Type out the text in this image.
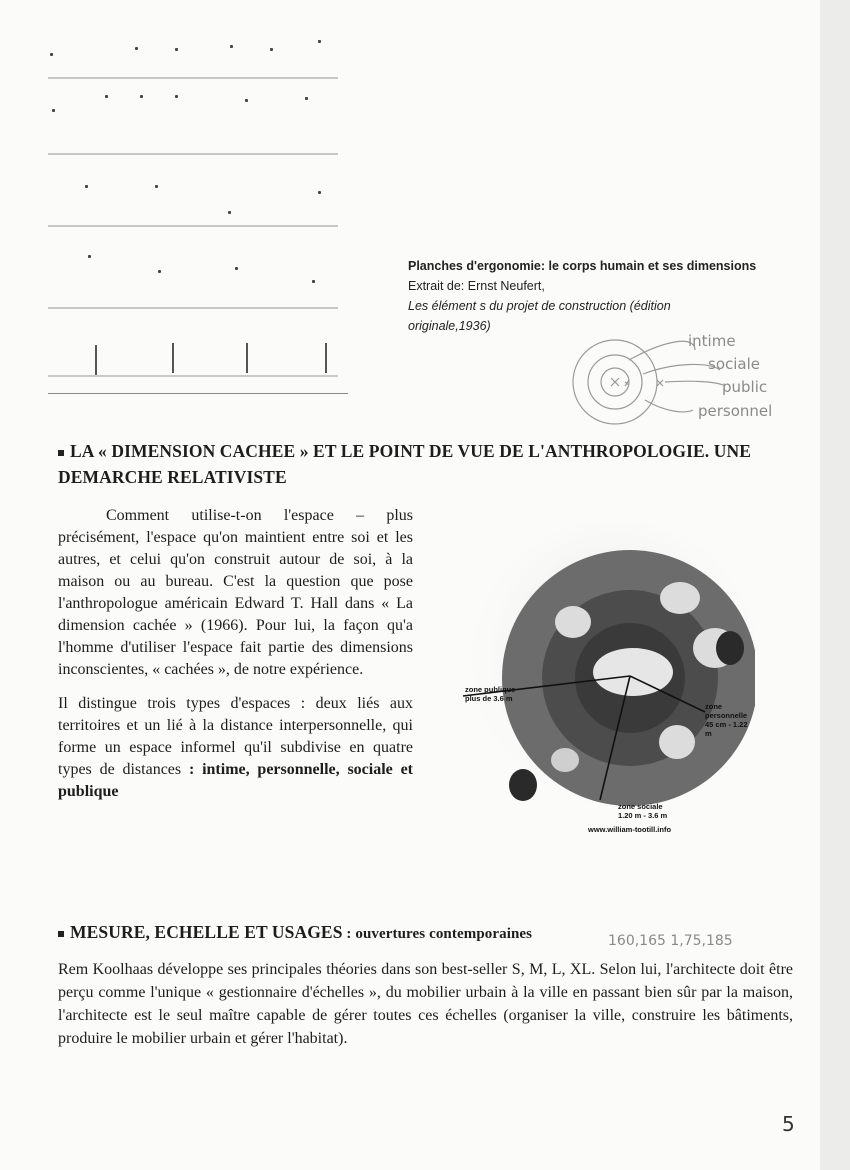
Planches d'ergonomie: le corps humain et ses dimensions
Extrait de: Ernst Neufert,
Les élément s du projet de construction (édition
originale,1936)
intime
sociale
public
personnel
LA « DIMENSION CACHEE » ET LE POINT DE VUE DE L'ANTHROPOLOGIE. UNE DEMARCHE RELATIVISTE

Comment utilise-t-on l'espace – plus précisément, l'espace qu'on maintient entre soi et les autres, et celui qu'on construit autour de soi, à la maison ou au bureau. C'est la question que pose l'anthropologue américain Edward T. Hall dans « La dimension cachée » (1966). Pour lui, la façon qu'a l'homme d'utiliser l'espace fait partie des dimensions inconscientes, « cachées », de notre expérience.

Il distingue trois types d'espaces : deux liés aux territoires et un lié à la distance interpersonnelle, qui forme un espace informel qu'il subdivise en quatre types de distances : intime, personnelle, sociale et publique

zone publique
plus de 3.6 m
zone personnelle
45 cm - 1.22 m
zone sociale
1.20 m - 3.6 m
www.william-tootill.info
MESURE, ECHELLE ET USAGES : ouvertures contemporaines	160,165 1,75,185
Rem Koolhaas développe ses principales théories dans son best-seller S, M, L, XL. Selon lui, l'architecte doit être perçu comme l'unique « gestionnaire d'échelles », du mobilier urbain à la ville en passant bien sûr par la maison, l'architecte est le seul maître capable de gérer toutes ces échelles (organiser la ville, construire les bâtiments, produire le mobilier urbain et gérer l'habitat).
5
